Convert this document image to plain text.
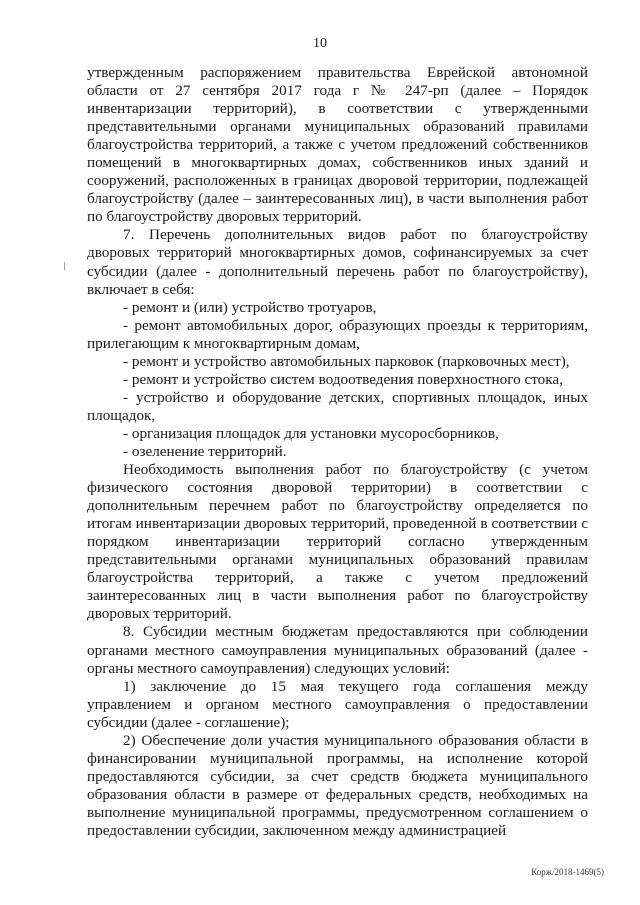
10

утвержденным распоряжением правительства Еврейской автономной области от 27 сентября 2017 года г № 247-рп (далее – Порядок инвентаризации территорий), в соответствии с утвержденными представительными органами муниципальных образований правилами благоустройства территорий, а также с учетом предложений собственников помещений в многоквартирных домах, собственников иных зданий и сооружений, расположенных в границах дворовой территории, подлежащей благоустройству (далее – заинтересованных лиц), в части выполнения работ по благоустройству дворовых территорий.

7. Перечень дополнительных видов работ по благоустройству дворовых территорий многоквартирных домов, софинансируемых за счет субсидии (далее - дополнительный перечень работ по благоустройству), включает в себя:

- ремонт и (или) устройство тротуаров,

- ремонт автомобильных дорог, образующих проезды к территориям, прилегающим к многоквартирным домам,

- ремонт и устройство автомобильных парковок (парковочных мест),

- ремонт и устройство систем водоотведения поверхностного стока,

- устройство и оборудование детских, спортивных площадок, иных площадок,

- организация площадок для установки мусоросборников,

- озеленение территорий.

Необходимость выполнения работ по благоустройству (с учетом физического состояния дворовой территории) в соответствии с дополнительным перечнем работ по благоустройству определяется по итогам инвентаризации дворовых территорий, проведенной в соответствии с порядком инвентаризации территорий согласно утвержденным представительными органами муниципальных образований правилам благоустройства территорий, а также с учетом предложений заинтересованных лиц в части выполнения работ по благоустройству дворовых территорий.

8. Субсидии местным бюджетам предоставляются при соблюдении органами местного самоуправления муниципальных образований (далее - органы местного самоуправления) следующих условий:

1) заключение до 15 мая текущего года соглашения между управлением и органом местного самоуправления о предоставлении субсидии (далее - соглашение);

2) Обеспечение доли участия муниципального образования области в финансировании муниципальной программы, на исполнение которой предоставляются субсидии, за счет средств бюджета муниципального образования области в размере от федеральных средств, необходимых на выполнение муниципальной программы, предусмотренном соглашением о предоставлении субсидии, заключенном между администрацией

Корж/2018-1469(5)
